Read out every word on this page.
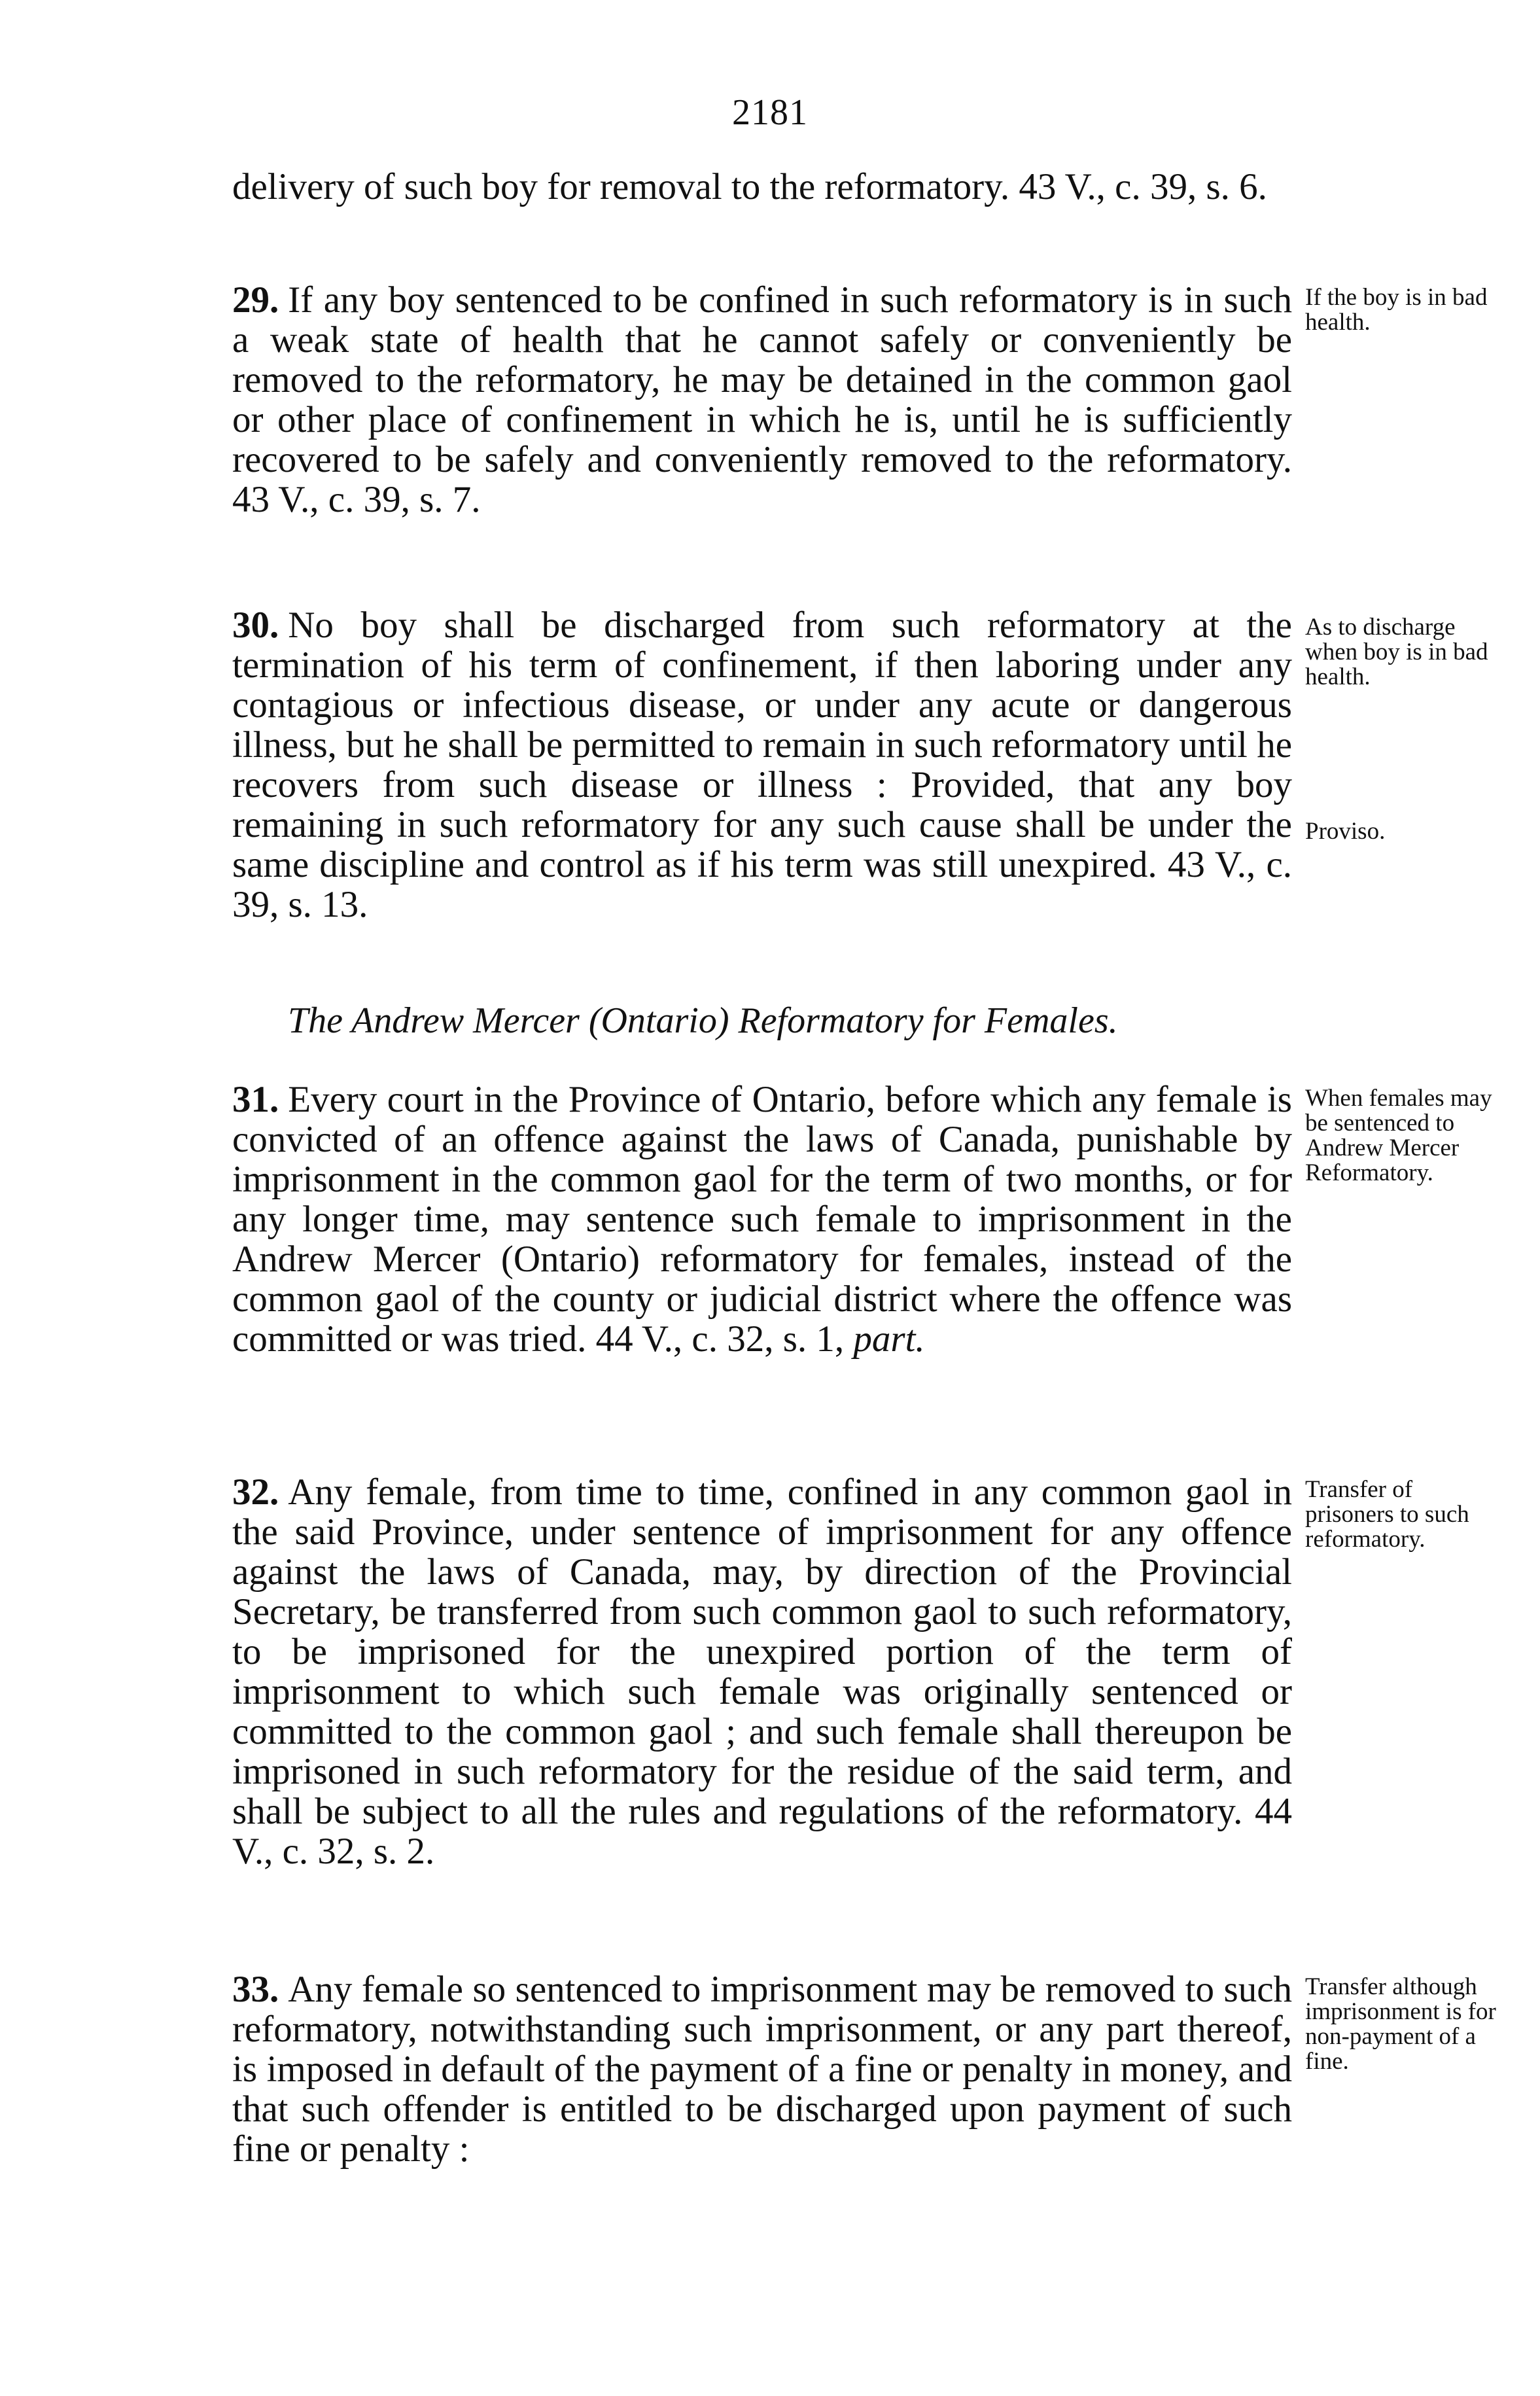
2181

delivery of such boy for removal to the reformatory. 43 V., c. 39, s. 6.

29. If any boy sentenced to be confined in such reformatory is in such a weak state of health that he cannot safely or conveniently be removed to the reformatory, he may be detained in the common gaol or other place of confinement in which he is, until he is sufficiently recovered to be safely and conveniently removed to the reformatory. 43 V., c. 39, s. 7.

If the boy is in bad health.

30. No boy shall be discharged from such reformatory at the termination of his term of confinement, if then laboring under any contagious or infectious disease, or under any acute or dangerous illness, but he shall be permitted to remain in such reformatory until he recovers from such disease or illness : Provided, that any boy remaining in such reformatory for any such cause shall be under the same discipline and control as if his term was still unexpired. 43 V., c. 39, s. 13.

As to discharge when boy is in bad health.
Proviso.
The Andrew Mercer (Ontario) Reformatory for Females.

31. Every court in the Province of Ontario, before which any female is convicted of an offence against the laws of Canada, punishable by imprisonment in the common gaol for the term of two months, or for any longer time, may sentence such female to imprisonment in the Andrew Mercer (Ontario) reformatory for females, instead of the common gaol of the county or judicial district where the offence was committed or was tried. 44 V., c. 32, s. 1, part.

When females may be sentenced to Andrew Mercer Reformatory.

32. Any female, from time to time, confined in any common gaol in the said Province, under sentence of imprisonment for any offence against the laws of Canada, may, by direction of the Provincial Secretary, be transferred from such common gaol to such reformatory, to be imprisoned for the unexpired portion of the term of imprisonment to which such female was originally sentenced or committed to the common gaol ; and such female shall thereupon be imprisoned in such reformatory for the residue of the said term, and shall be subject to all the rules and regulations of the reformatory. 44 V., c. 32, s. 2.

Transfer of prisoners to such reformatory.

33. Any female so sentenced to imprisonment may be removed to such reformatory, notwithstanding such imprisonment, or any part thereof, is imposed in default of the payment of a fine or penalty in money, and that such offender is entitled to be discharged upon payment of such fine or penalty :

Transfer although imprisonment is for non-payment of a fine.
